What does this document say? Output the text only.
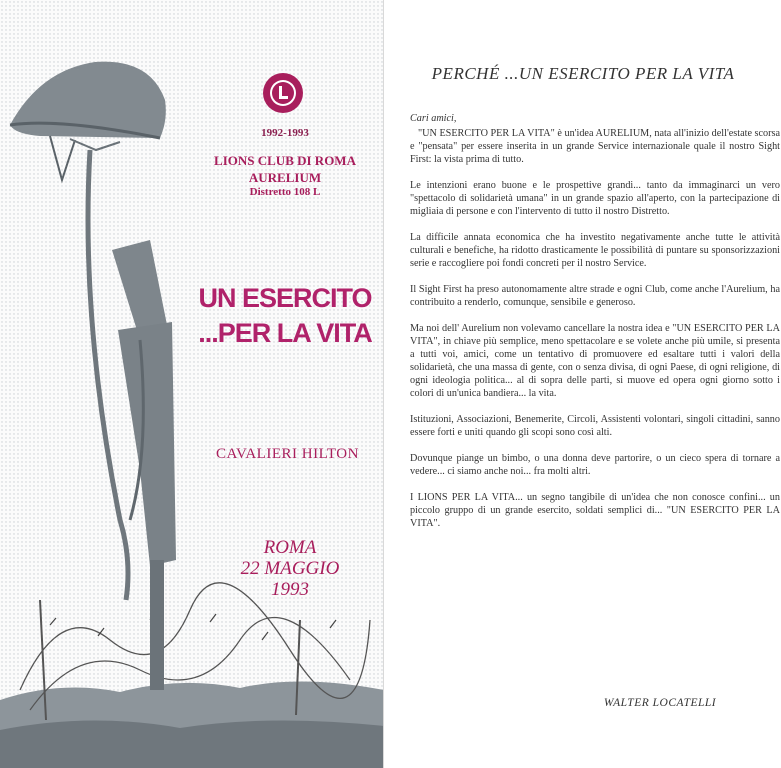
1992-1993
LIONS CLUB DI ROMA
AURELIUM
Distretto 108 L
UN ESERCITO
...PER LA VITA
CAVALIERI HILTON
ROMA
22 MAGGIO
1993
PERCHÉ ...UN ESERCITO PER LA VITA

Cari amici,

"UN ESERCITO PER LA VITA" è un'idea AURELIUM, nata all'inizio dell'estate scorsa e "pensata" per essere inserita in un grande Service internazionale quale il nostro Sight First: la vista prima di tutto.

Le intenzioni erano buone e le prospettive grandi... tanto da immaginarci un vero "spettacolo di solidarietà umana" in un grande spazio all'aperto, con la partecipazione di migliaia di persone e con l'intervento di tutto il nostro Distretto.

La difficile annata economica che ha investito negativamente anche tutte le attività culturali e benefiche, ha ridotto drasticamente le possibilità di puntare su sponsorizzazioni serie e raccogliere poi fondi concreti per il nostro Service.

Il Sight First ha preso autonomamente altre strade e ogni Club, come anche l'Aurelium, ha contribuito a renderlo, comunque, sensibile e generoso.

Ma noi dell' Aurelium non volevamo cancellare la nostra idea e "UN ESERCITO PER LA VITA", in chiave più semplice, meno spettacolare e se volete anche più umile, si presenta a tutti voi, amici, come un tentativo di promuovere ed esaltare tutti i valori della solidarietà, che una massa di gente, con o senza divisa, di ogni Paese, di ogni religione, di ogni ideologia politica... al di sopra delle parti, si muove ed opera ogni giorno sotto i colori di un'unica bandiera... la vita.

Istituzioni, Associazioni, Benemerite, Circoli, Assistenti volontari, singoli cittadini, sanno essere forti e uniti quando gli scopi sono così alti.

Dovunque piange un bimbo, o una donna deve partorire, o un cieco spera di tornare a vedere... ci siamo anche noi... fra molti altri.

I LIONS PER LA VITA... un segno tangibile di un'idea che non conosce confini... un piccolo gruppo di un grande esercito, soldati semplici di... "UN ESERCITO PER LA VITA".

WALTER LOCATELLI
